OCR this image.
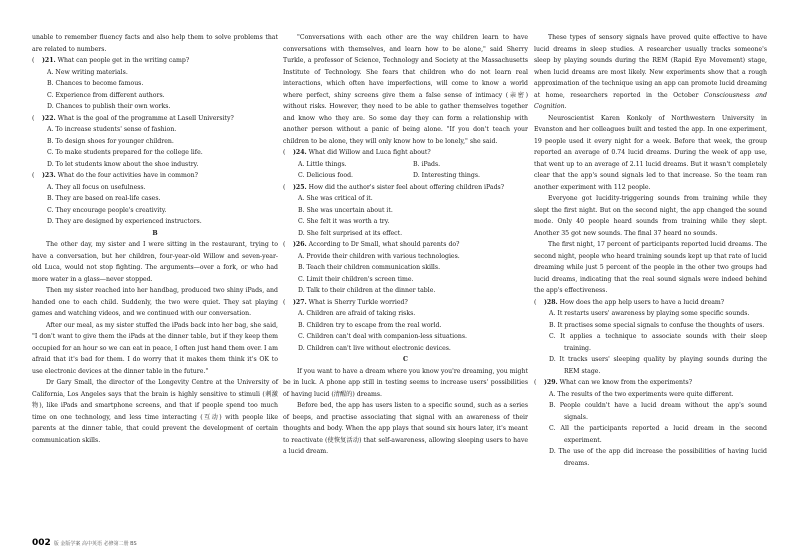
unable to remember fluency facts and also help them to solve problems that are related to numbers.

( )21. What can people get in the writing camp?

A. New writing materials.

B. Chances to become famous.

C. Experience from different authors.

D. Chances to publish their own works.

( )22. What is the goal of the programme at Lasell University?

A. To increase students' sense of fashion.

B. To design shoes for younger children.

C. To make students prepared for the college life.

D. To let students know about the shoe industry.

( )23. What do the four activities have in common?

A. They all focus on usefulness.

B. They are based on real-life cases.

C. They encourage people's creativity.

D. They are designed by experienced instructors.

B

The other day, my sister and I were sitting in the restaurant, trying to have a conversation, but her children, four-year-old Willow and seven-year-old Luca, would not stop fighting. The arguments—over a fork, or who had more water in a glass—never stopped.

Then my sister reached into her handbag, produced two shiny iPads, and handed one to each child. Suddenly, the two were quiet. They sat playing games and watching videos, and we continued with our conversation.

After our meal, as my sister stuffed the iPads back into her bag, she said, "I don't want to give them the iPads at the dinner table, but if they keep them occupied for an hour so we can eat in peace, I often just hand them over. I am afraid that it's bad for them. I do worry that it makes them think it's OK to use electronic devices at the dinner table in the future."

Dr Gary Small, the director of the Longevity Centre at the University of California, Los Angeles says that the brain is highly sensitive to stimuli (刺激物), like iPads and smartphone screens, and that if people spend too much time on one technology, and less time interacting (互动) with people like parents at the dinner table, that could prevent the development of certain communication skills.

"Conversations with each other are the way children learn to have conversations with themselves, and learn how to be alone," said Sherry Turkle, a professor of Science, Technology and Society at the Massachusetts Institute of Technology. She fears that children who do not learn real interactions, which often have imperfections, will come to know a world where perfect, shiny screens give them a false sense of intimacy (亲密) without risks. However, they need to be able to gather themselves together and know who they are. So some day they can form a relationship with another person without a panic of being alone. "If you don't teach your children to be alone, they will only know how to be lonely," she said.

( )24. What did Willow and Luca fight about?

A. Little things.	B. iPads.

C. Delicious food.	D. Interesting things.

( )25. How did the author's sister feel about offering children iPads?

A. She was critical of it.

B. She was uncertain about it.

C. She felt it was worth a try.

D. She felt surprised at its effect.

( )26. According to Dr Small, what should parents do?

A. Provide their children with various technologies.

B. Teach their children communication skills.

C. Limit their children's screen time.

D. Talk to their children at the dinner table.

( )27. What is Sherry Turkle worried?

A. Children are afraid of taking risks.

B. Children try to escape from the real world.

C. Children can't deal with companion-less situations.

D. Children can't live without electronic devices.

C

If you want to have a dream where you know you're dreaming, you might be in luck. A phone app still in testing seems to increase users' possibilities of having lucid (清醒的) dreams.

Before bed, the app has users listen to a specific sound, such as a series of beeps, and practise associating that signal with an awareness of their thoughts and body. When the app plays that sound six hours later, it's meant to reactivate (使恢复活动) that self-awareness, allowing sleeping users to have a lucid dream.

These types of sensory signals have proved quite effective to have lucid dreams in sleep studies. A researcher usually tracks someone's sleep by playing sounds during the REM (Rapid Eye Movement) stage, when lucid dreams are most likely. New experiments show that a rough approximation of the technique using an app can promote lucid dreaming at home, researchers reported in the October Consciousness and Cognition.

Neuroscientist Karen Konkoly of Northwestern University in Evanston and her colleagues built and tested the app. In one experiment, 19 people used it every night for a week. Before that week, the group reported an average of 0.74 lucid dreams. During the week of app use, that went up to an average of 2.11 lucid dreams. But it wasn't completely clear that the app's sound signals led to that increase. So the team ran another experiment with 112 people.

Everyone got lucidity-triggering sounds from training while they slept the first night. But on the second night, the app changed the sound mode. Only 40 people heard sounds from training while they slept. Another 35 got new sounds. The final 37 heard no sounds.

The first night, 17 percent of participants reported lucid dreams. The second night, people who heard training sounds kept up that rate of lucid dreaming while just 5 percent of the people in the other two groups had lucid dreams, indicating that the real sound signals were indeed behind the app's effectiveness.

( )28. How does the app help users to have a lucid dream?

A. It restarts users' awareness by playing some specific sounds.

B. It practises some special signals to confuse the thoughts of users.

C. It applies a technique to associate sounds with their sleep training.

D. It tracks users' sleeping quality by playing sounds during the REM stage.

( )29. What can we know from the experiments?

A. The results of the two experiments were quite different.

B. People couldn't have a lucid dream without the app's sound signals.

C. All the participants reported a lucid dream in the second experiment.

D. The use of the app did increase the possibilities of having lucid dreams.

002 版 金版学案 高中英语 必修第二册 BS
